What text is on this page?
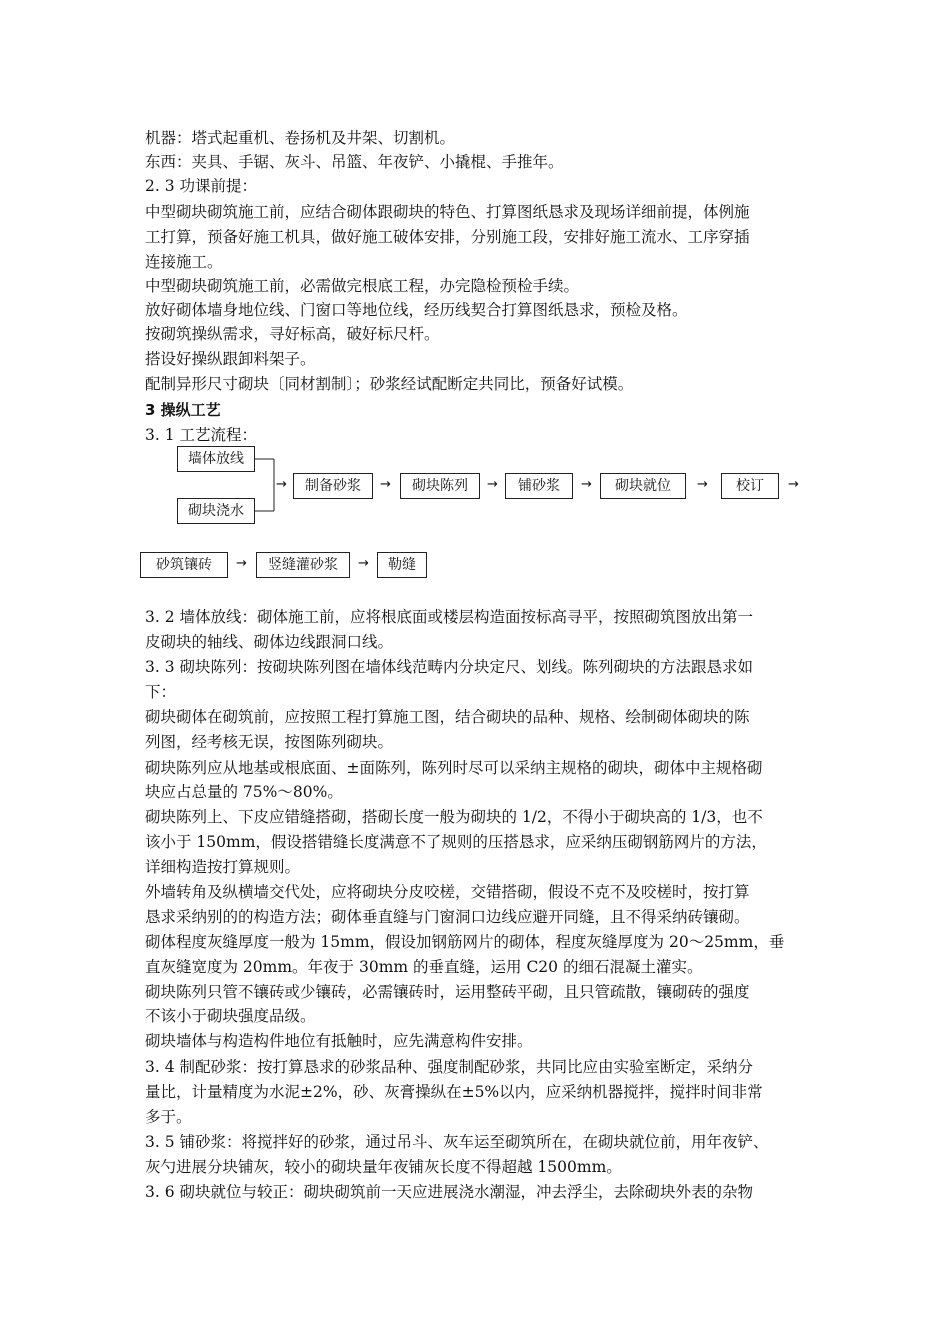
机器：塔式起重机、卷扬机及井架、切割机。
东西：夹具、手锯、灰斗、吊篮、年夜铲、小撬棍、手推年。
2. 3 功课前提：
中型砌块砌筑施工前，应结合砌体跟砌块的特色、打算图纸恳求及现场详细前提，体例施
工打算，预备好施工机具，做好施工破体安排，分别施工段，安排好施工流水、工序穿插
连接施工。
中型砌块砌筑施工前，必需做完根底工程，办完隐检预检手续。
放好砌体墙身地位线、门窗口等地位线，经历线契合打算图纸恳求，预检及格。
按砌筑操纵需求，寻好标高，破好标尺杆。
搭设好操纵跟卸料架子。
配制异形尺寸砌块〔同材割制〕；砂浆经试配断定共同比，预备好试模。
3 操纵工艺
3. 1 工艺流程：
墙体放线
砌块浇水
→	制备砂浆	→	砌块陈列	→	铺砂浆	→	砌块就位	→	校订	→
砂筑镶砖	→	竖缝灌砂浆	→	勒缝
3. 2 墙体放线：砌体施工前，应将根底面或楼层构造面按标高寻平，按照砌筑图放出第一
皮砌块的轴线、砌体边线跟洞口线。
3. 3 砌块陈列：按砌块陈列图在墙体线范畴内分块定尺、划线。陈列砌块的方法跟恳求如
下：
砌块砌体在砌筑前，应按照工程打算施工图，结合砌块的品种、规格、绘制砌体砌块的陈
列图，经考核无误，按图陈列砌块。
砌块陈列应从地基或根底面、±面陈列，陈列时尽可以采纳主规格的砌块，砌体中主规格砌
块应占总量的 75%～80%。
砌块陈列上、下皮应错缝搭砌，搭砌长度一般为砌块的 1/2，不得小于砌块高的 1/3，也不
该小于 150mm，假设搭错缝长度满意不了规则的压搭恳求，应采纳压砌钢筋网片的方法，
详细构造按打算规则。
外墙转角及纵横墙交代处，应将砌块分皮咬槎，交错搭砌，假设不克不及咬槎时，按打算
恳求采纳别的的构造方法；砌体垂直缝与门窗洞口边线应避开同缝，且不得采纳砖镶砌。
砌体程度灰缝厚度一般为 15mm，假设加钢筋网片的砌体，程度灰缝厚度为 20～25mm，垂
直灰缝宽度为 20mm。年夜于 30mm 的垂直缝，运用 C20 的细石混凝土灌实。
砌块陈列只管不镶砖或少镶砖，必需镶砖时，运用整砖平砌，且只管疏散，镶砌砖的强度
不该小于砌块强度品级。
砌块墙体与构造构件地位有抵触时，应先满意构件安排。
3. 4 制配砂浆：按打算恳求的砂浆品种、强度制配砂浆，共同比应由实验室断定，采纳分
量比，计量精度为水泥±2%，砂、灰膏操纵在±5%以内，应采纳机器搅拌，搅拌时间非常
多于。
3. 5 铺砂浆：将搅拌好的砂浆，通过吊斗、灰车运至砌筑所在，在砌块就位前，用年夜铲、
灰勺进展分块铺灰，较小的砌块量年夜铺灰长度不得超越 1500mm。
3. 6 砌块就位与较正：砌块砌筑前一天应进展浇水潮湿，冲去浮尘，去除砌块外表的杂物
